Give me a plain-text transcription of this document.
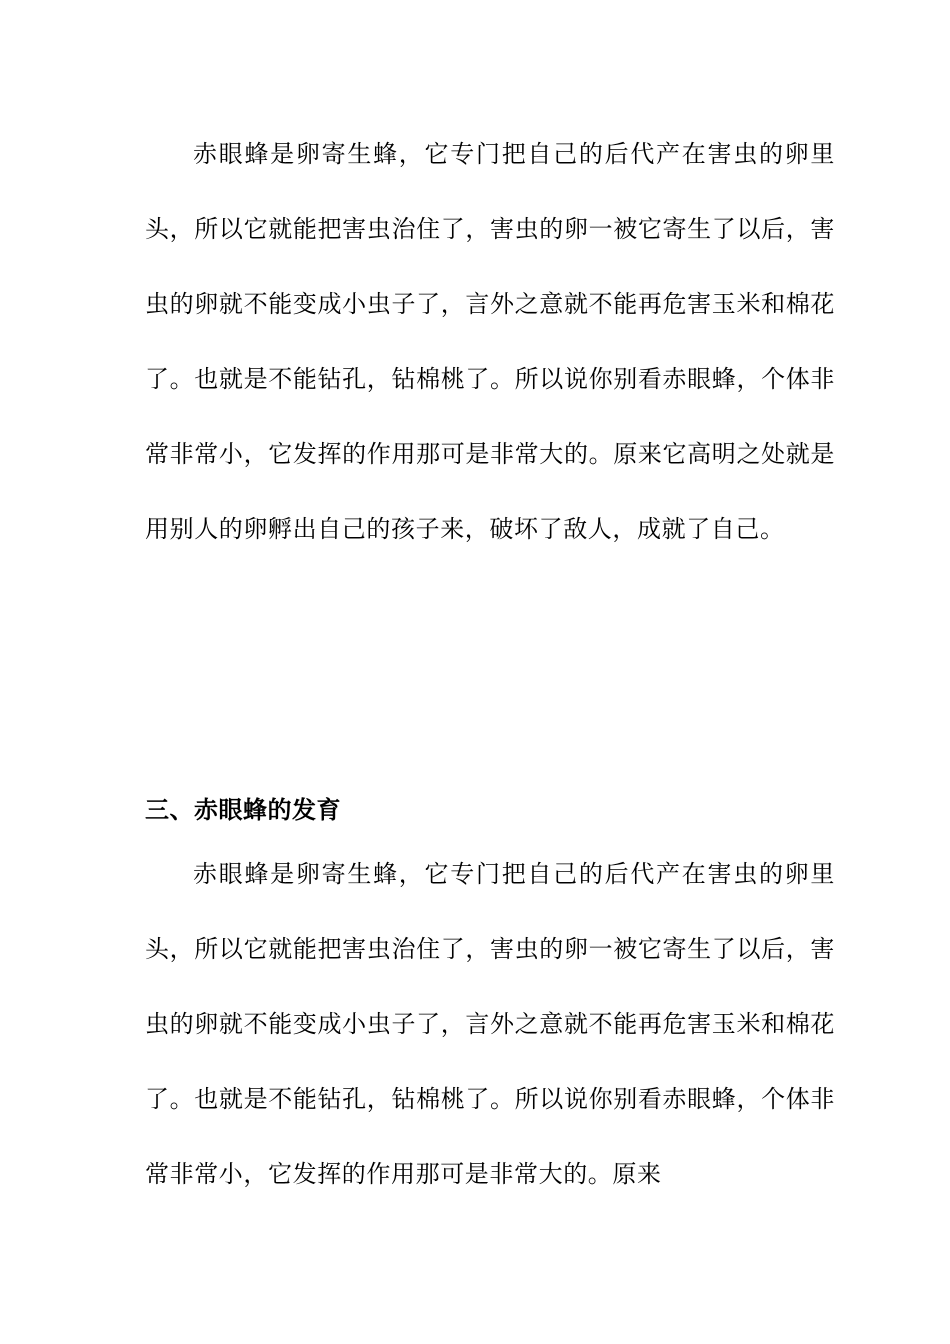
赤眼蜂是卵寄生蜂，它专门把自己的后代产在害虫的卵里头，所以它就能把害虫治住了，害虫的卵一被它寄生了以后，害虫的卵就不能变成小虫子了，言外之意就不能再危害玉米和棉花了。也就是不能钻孔，钻棉桃了。所以说你别看赤眼蜂，个体非常非常小，它发挥的作用那可是非常大的。原来它高明之处就是用别人的卵孵出自己的孩子来，破坏了敌人，成就了自己。

三、赤眼蜂的发育

赤眼蜂是卵寄生蜂，它专门把自己的后代产在害虫的卵里头，所以它就能把害虫治住了，害虫的卵一被它寄生了以后，害虫的卵就不能变成小虫子了，言外之意就不能再危害玉米和棉花了。也就是不能钻孔，钻棉桃了。所以说你别看赤眼蜂，个体非常非常小，它发挥的作用那可是非常大的。原来
